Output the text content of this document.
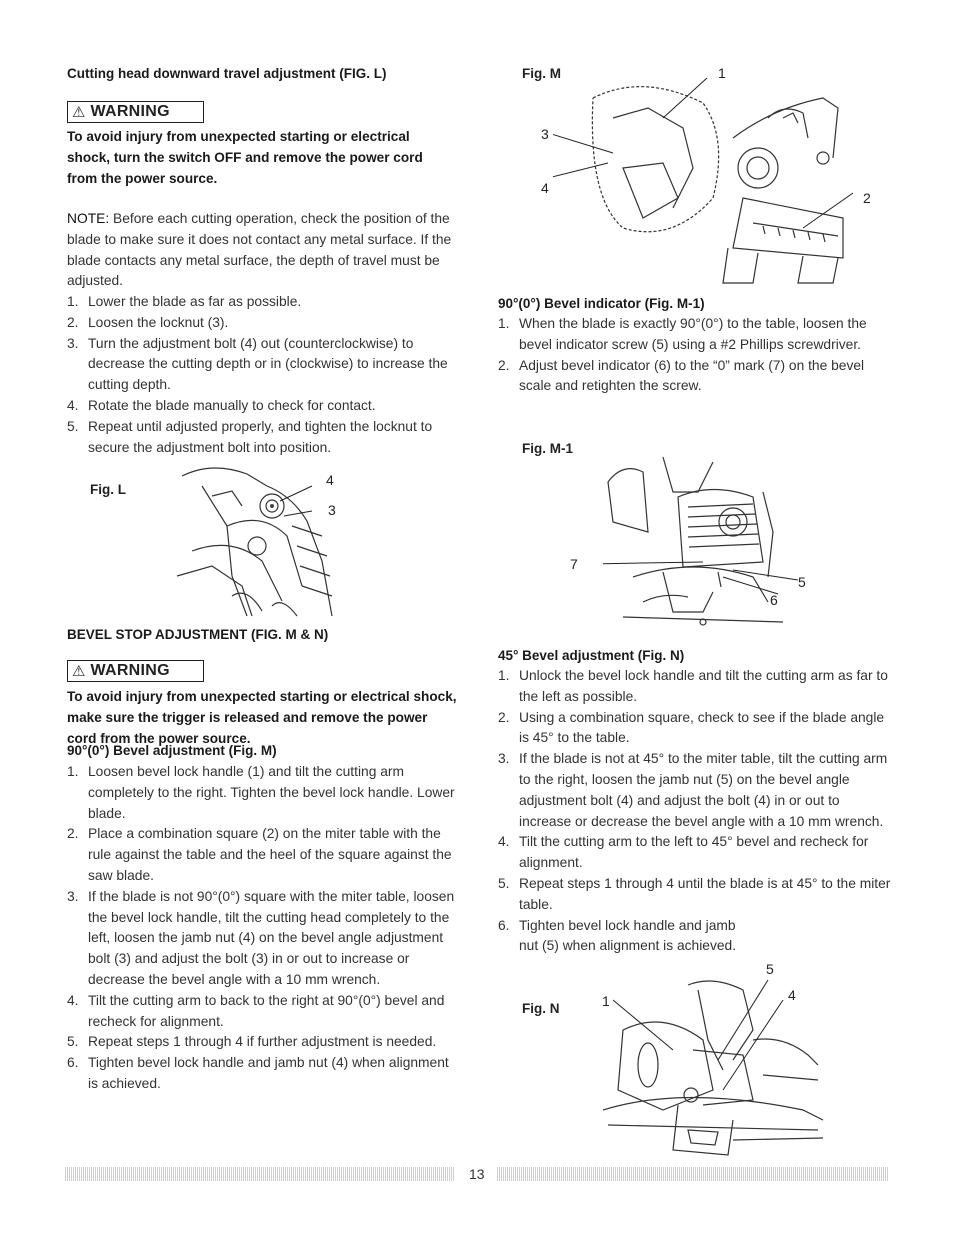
Cutting head downward travel adjustment (FIG. L)
⚠ WARNING
To avoid injury from unexpected starting or electrical shock, turn the switch OFF and remove the power cord from the power source.
NOTE: Before each cutting operation, check the position of the blade to make sure it does not contact any metal surface. If the blade contacts any metal surface, the depth of travel must be adjusted.
1. Lower the blade as far as possible.
2. Loosen the locknut (3).
3. Turn the adjustment bolt (4) out (counterclockwise) to decrease the cutting depth or in (clockwise) to increase the cutting depth.
4. Rotate the blade manually to check for contact.
5. Repeat until adjusted properly, and tighten the locknut to secure the adjustment bolt into position.
Fig. L
4
3
BEVEL STOP ADJUSTMENT (FIG. M & N)
⚠ WARNING
To avoid injury from unexpected starting or electrical shock, make sure the trigger is released and remove the power cord from the power source.
90°(0°) Bevel adjustment (Fig. M)
1. Loosen bevel lock handle (1) and tilt the cutting arm completely to the right. Tighten the bevel lock handle. Lower blade.
2. Place a combination square (2) on the miter table with the rule against the table and the heel of the square against the saw blade.
3. If the blade is not 90°(0°) square with the miter table, loosen the bevel lock handle, tilt the cutting head completely to the left, loosen the jamb nut (4) on the bevel angle adjustment bolt (3) and adjust the bolt (3) in or out to increase or decrease the bevel angle with a 10 mm wrench.
4. Tilt the cutting arm to back to the right at 90°(0°) bevel and recheck for alignment.
5. Repeat steps 1 through 4 if further adjustment is needed.
6. Tighten bevel lock handle and jamb nut (4) when alignment is achieved.
Fig. M	1
3
4
2
90°(0°) Bevel indicator (Fig. M-1)
1. When the blade is exactly 90°(0°) to the table, loosen the bevel indicator screw (5) using a #2 Phillips screwdriver.
2. Adjust bevel indicator (6) to the “0” mark (7) on the bevel scale and retighten the screw.
Fig. M-1
7
5
6
45° Bevel adjustment (Fig. N)
1. Unlock the bevel lock handle and tilt the cutting arm as far to the left as possible.
2. Using a combination square, check to see if the blade angle is 45° to the table.
3. If the blade is not at 45° to the miter table, tilt the cutting arm to the right, loosen the jamb nut (5) on the bevel angle adjustment bolt (4) and adjust the bolt (4) in or out to increase or decrease the bevel angle with a 10 mm wrench.
4. Tilt the cutting arm to the left to 45° bevel and recheck for alignment.
5. Repeat steps 1 through 4 until the blade is at 45° to the miter table.
6. Tighten bevel lock handle and jamb nut (5) when alignment is achieved.
Fig. N	1
5
4
13
